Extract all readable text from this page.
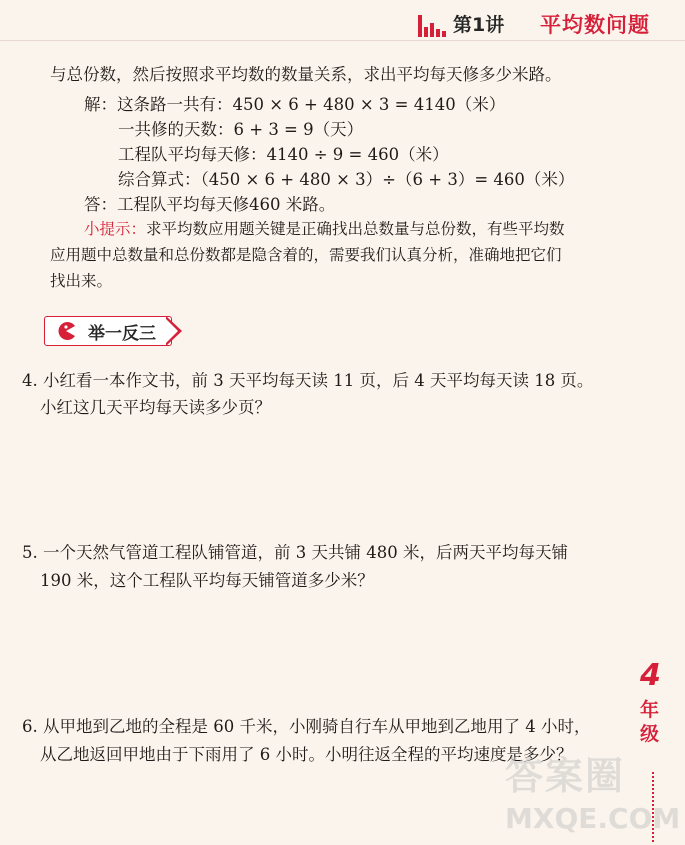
第1讲 平均数问题
与总份数，然后按照求平均数的数量关系，求出平均每天修多少米路。
解：这条路一共有：450 × 6 + 480 × 3 = 4140（米）
一共修的天数：6 + 3 = 9（天）
工程队平均每天修：4140 ÷ 9 = 460（米）
综合算式：（450 × 6 + 480 × 3）÷（6 + 3）= 460（米）
答：工程队平均每天修460 米路。
小提示：求平均数应用题关键是正确找出总数量与总份数，有些平均数
应用题中总数量和总份数都是隐含着的，需要我们认真分析，准确地把它们
找出来。
举一反三
4. 小红看一本作文书，前 3 天平均每天读 11 页，后 4 天平均每天读 18 页。
小红这几天平均每天读多少页？
5. 一个天然气管道工程队铺管道，前 3 天共铺 480 米，后两天平均每天铺
190 米，这个工程队平均每天铺管道多少米？
6. 从甲地到乙地的全程是 60 千米，小刚骑自行车从甲地到乙地用了 4 小时，
从乙地返回甲地由于下雨用了 6 小时。小明往返全程的平均速度是多少？
4
年级
答案圈
MXQE.COM
